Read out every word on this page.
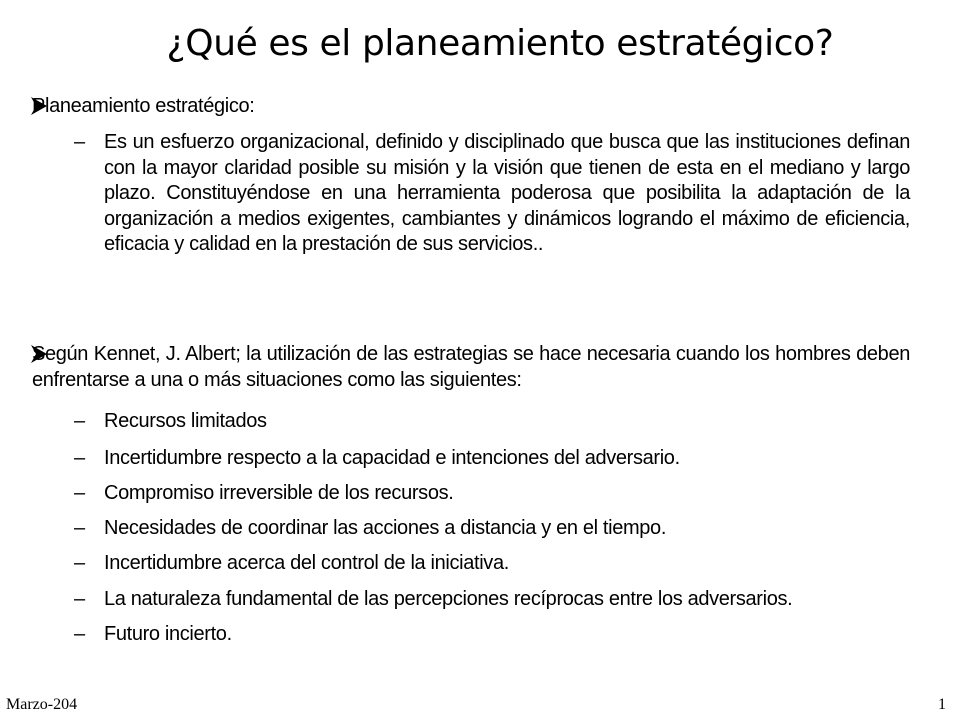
¿Qué es el planeamiento estratégico?

Planeamiento estratégico:

– Es un esfuerzo organizacional, definido y disciplinado que busca que las instituciones definan con la mayor claridad posible su misión y la visión que tienen de esta en el mediano y largo plazo. Constituyéndose en una herramienta poderosa que posibilita la adaptación de la organización a medios exigentes, cambiantes y dinámicos logrando el máximo de eficiencia, eficacia y calidad en la prestación de sus servicios..

Según Kennet, J. Albert; la utilización de las estrategias se hace necesaria cuando los hombres deben enfrentarse a una o más situaciones como las siguientes:

– Recursos limitados

– Incertidumbre respecto a la capacidad e intenciones del adversario.

– Compromiso irreversible de los recursos.

– Necesidades de coordinar las acciones a distancia y en el tiempo.

– Incertidumbre acerca del control de la iniciativa.

– La naturaleza fundamental de las percepciones recíprocas entre los adversarios.

– Futuro incierto.

Marzo-204	1
